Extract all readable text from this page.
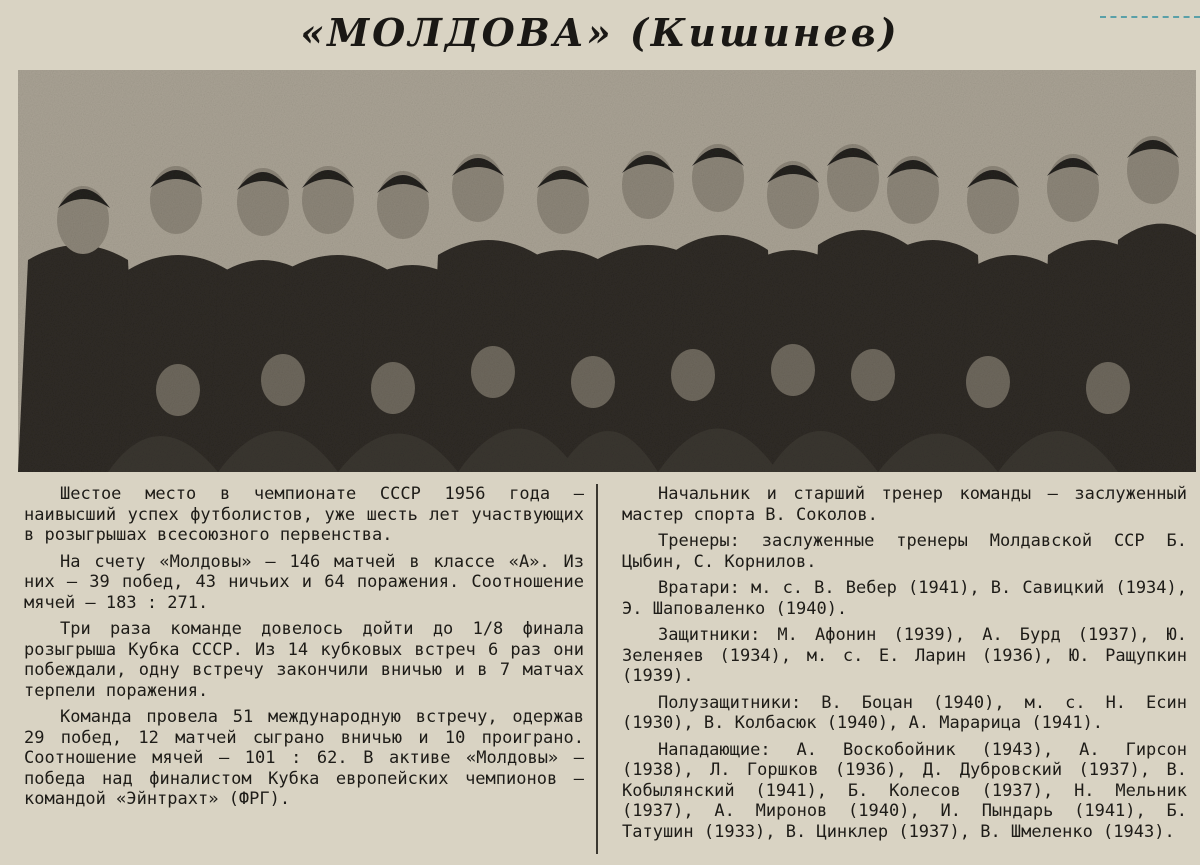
«МОЛДОВА» (Кишинев)

Шестое место в чемпионате СССР 1956 года — наивысший успех футболистов, уже шесть лет участвующих в розыгрышах всесоюзного первенства.

На счету «Молдовы» — 146 матчей в классе «А». Из них — 39 побед, 43 ничьих и 64 поражения. Соотношение мячей — 183 : 271.

Три раза команде довелось дойти до 1/8 финала розыгрыша Кубка СССР. Из 14 кубковых встреч 6 раз они побеждали, одну встречу закончили вничью и в 7 матчах терпели поражения.

Команда провела 51 международную встречу, одержав 29 побед, 12 матчей сыграно вничью и 10 проиграно. Соотношение мячей — 101 : 62. В активе «Молдовы» — победа над финалистом Кубка европейских чемпионов — командой «Эйнтрахт» (ФРГ).

Начальник и старший тренер команды — заслуженный мастер спорта В. Соколов.

Тренеры: заслуженные тренеры Молдавской ССР Б. Цыбин, С. Корнилов.

Вратари: м. с. В. Вебер (1941), В. Савицкий (1934), Э. Шаповаленко (1940).

Защитники: М. Афонин (1939), А. Бурд (1937), Ю. Зеленяев (1934), м. с. Е. Ларин (1936), Ю. Ращупкин (1939).

Полузащитники: В. Боцан (1940), м. с. Н. Есин (1930), В. Колбасюк (1940), А. Марарица (1941).

Нападающие: А. Воскобойник (1943), А. Гирсон (1938), Л. Горшков (1936), Д. Дубровский (1937), В. Кобылянский (1941), Б. Колесов (1937), Н. Мельник (1937), А. Миронов (1940), И. Пындарь (1941), Б. Татушин (1933), В. Цинклер (1937), В. Шмеленко (1943).
